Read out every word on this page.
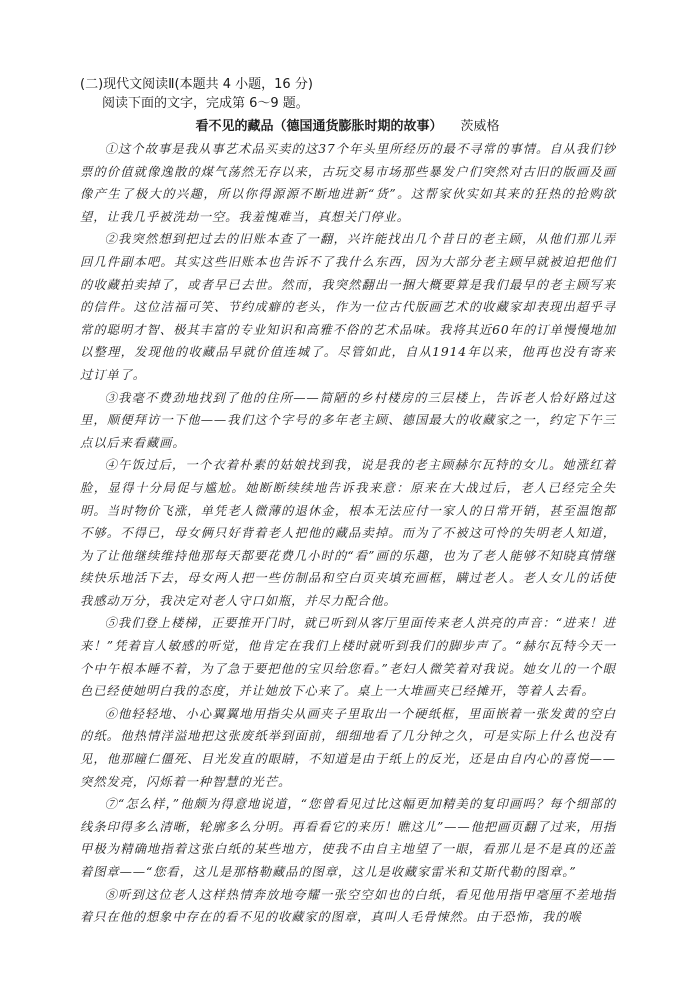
(二)现代文阅读Ⅱ(本题共 4 小题，16 分)
阅读下面的文字，完成第 6～9 题。
看不见的藏品（德国通货膨胀时期的故事） 茨威格

①这个故事是我从事艺术品买卖的这37个年头里所经历的最不寻常的事情。自从我们钞票的价值就像逸散的煤气荡然无存以来，古玩交易市场那些暴发户们突然对古旧的版画及画像产生了极大的兴趣，所以你得源源不断地进新“货”。这帮家伙实如其来的狂热的抢购欲望，让我几乎被洗劫一空。我羞愧难当，真想关门停业。

②我突然想到把过去的旧账本查了一翻，兴许能找出几个昔日的老主顾，从他们那儿弄回几件副本吧。其实这些旧账本也告诉不了我什么东西，因为大部分老主顾早就被迫把他们的收藏拍卖掉了，或者早已去世。然而，我突然翻出一捆大概要算是我们最早的老主顾写来的信件。这位洁福可笑、节约成癖的老头，作为一位古代版画艺术的收藏家却表现出超乎寻常的聪明才智、极其丰富的专业知识和高雅不俗的艺术品味。我将其近60年的订单慢慢地加以整理，发现他的收藏品早就价值连城了。尽管如此，自从1914年以来，他再也没有寄来过订单了。

③我毫不费劲地找到了他的住所——简陋的乡村楼房的三层楼上，告诉老人恰好路过这里，顺便拜访一下他——我们这个字号的多年老主顾、德国最大的收藏家之一，约定下午三点以后来看藏画。

④午饭过后，一个衣着朴素的姑娘找到我，说是我的老主顾赫尔瓦特的女儿。她涨红着脸，显得十分局促与尴尬。她断断续续地告诉我来意：原来在大战过后，老人已经完全失明。当时物价飞涨，单凭老人微薄的退休金，根本无法应付一家人的日常开销，甚至温饱都不够。不得已，母女俩只好背着老人把他的藏品卖掉。而为了不被这可怜的失明老人知道，为了让他继续维持他那每天都要花费几小时的“看”画的乐趣，也为了老人能够不知晓真情继续快乐地活下去，母女两人把一些仿制品和空白页夹填充画框，瞒过老人。老人女儿的话使我感动万分，我决定对老人守口如瓶，并尽力配合他。

⑤我们登上楼梯，正要推开门时，就已听到从客厅里面传来老人洪亮的声音：“进来！进来！”凭着盲人敏感的听觉，他肯定在我们上楼时就听到我们的脚步声了。“赫尔瓦特今天一个中午根本睡不着，为了急于要把他的宝贝给您看。”老妇人微笑着对我说。她女儿的一个眼色已经使她明白我的态度，并让她放下心来了。桌上一大堆画夹已经摊开，等着人去看。

⑥他轻轻地、小心翼翼地用指尖从画夹子里取出一个硬纸框，里面嵌着一张发黄的空白的纸。他热情洋溢地把这张废纸举到面前，细细地看了几分钟之久，可是实际上什么也没有见，他那瞳仁僵死、目光发直的眼睛，不知道是由于纸上的反光，还是由自内心的喜悦——突然发亮，闪烁着一种智慧的光芒。

⑦“怎么样，”他颇为得意地说道，“您曾看见过比这幅更加精美的复印画吗？每个细部的线条印得多么清晰，轮廓多么分明。再看看它的来历！瞧这儿”——他把画页翻了过来，用指甲极为精确地指着这张白纸的某些地方，使我不由自主地望了一眼，看那儿是不是真的还盖着图章——“您看，这儿是那格勒藏品的图章，这儿是收藏家雷米和艾斯代勒的图章。”

⑧听到这位老人这样热情奔放地夸耀一张空空如也的白纸，看见他用指甲毫厘不差地指着只在他的想象中存在的看不见的收藏家的图章，真叫人毛骨悚然。由于恐怖，我的喉
